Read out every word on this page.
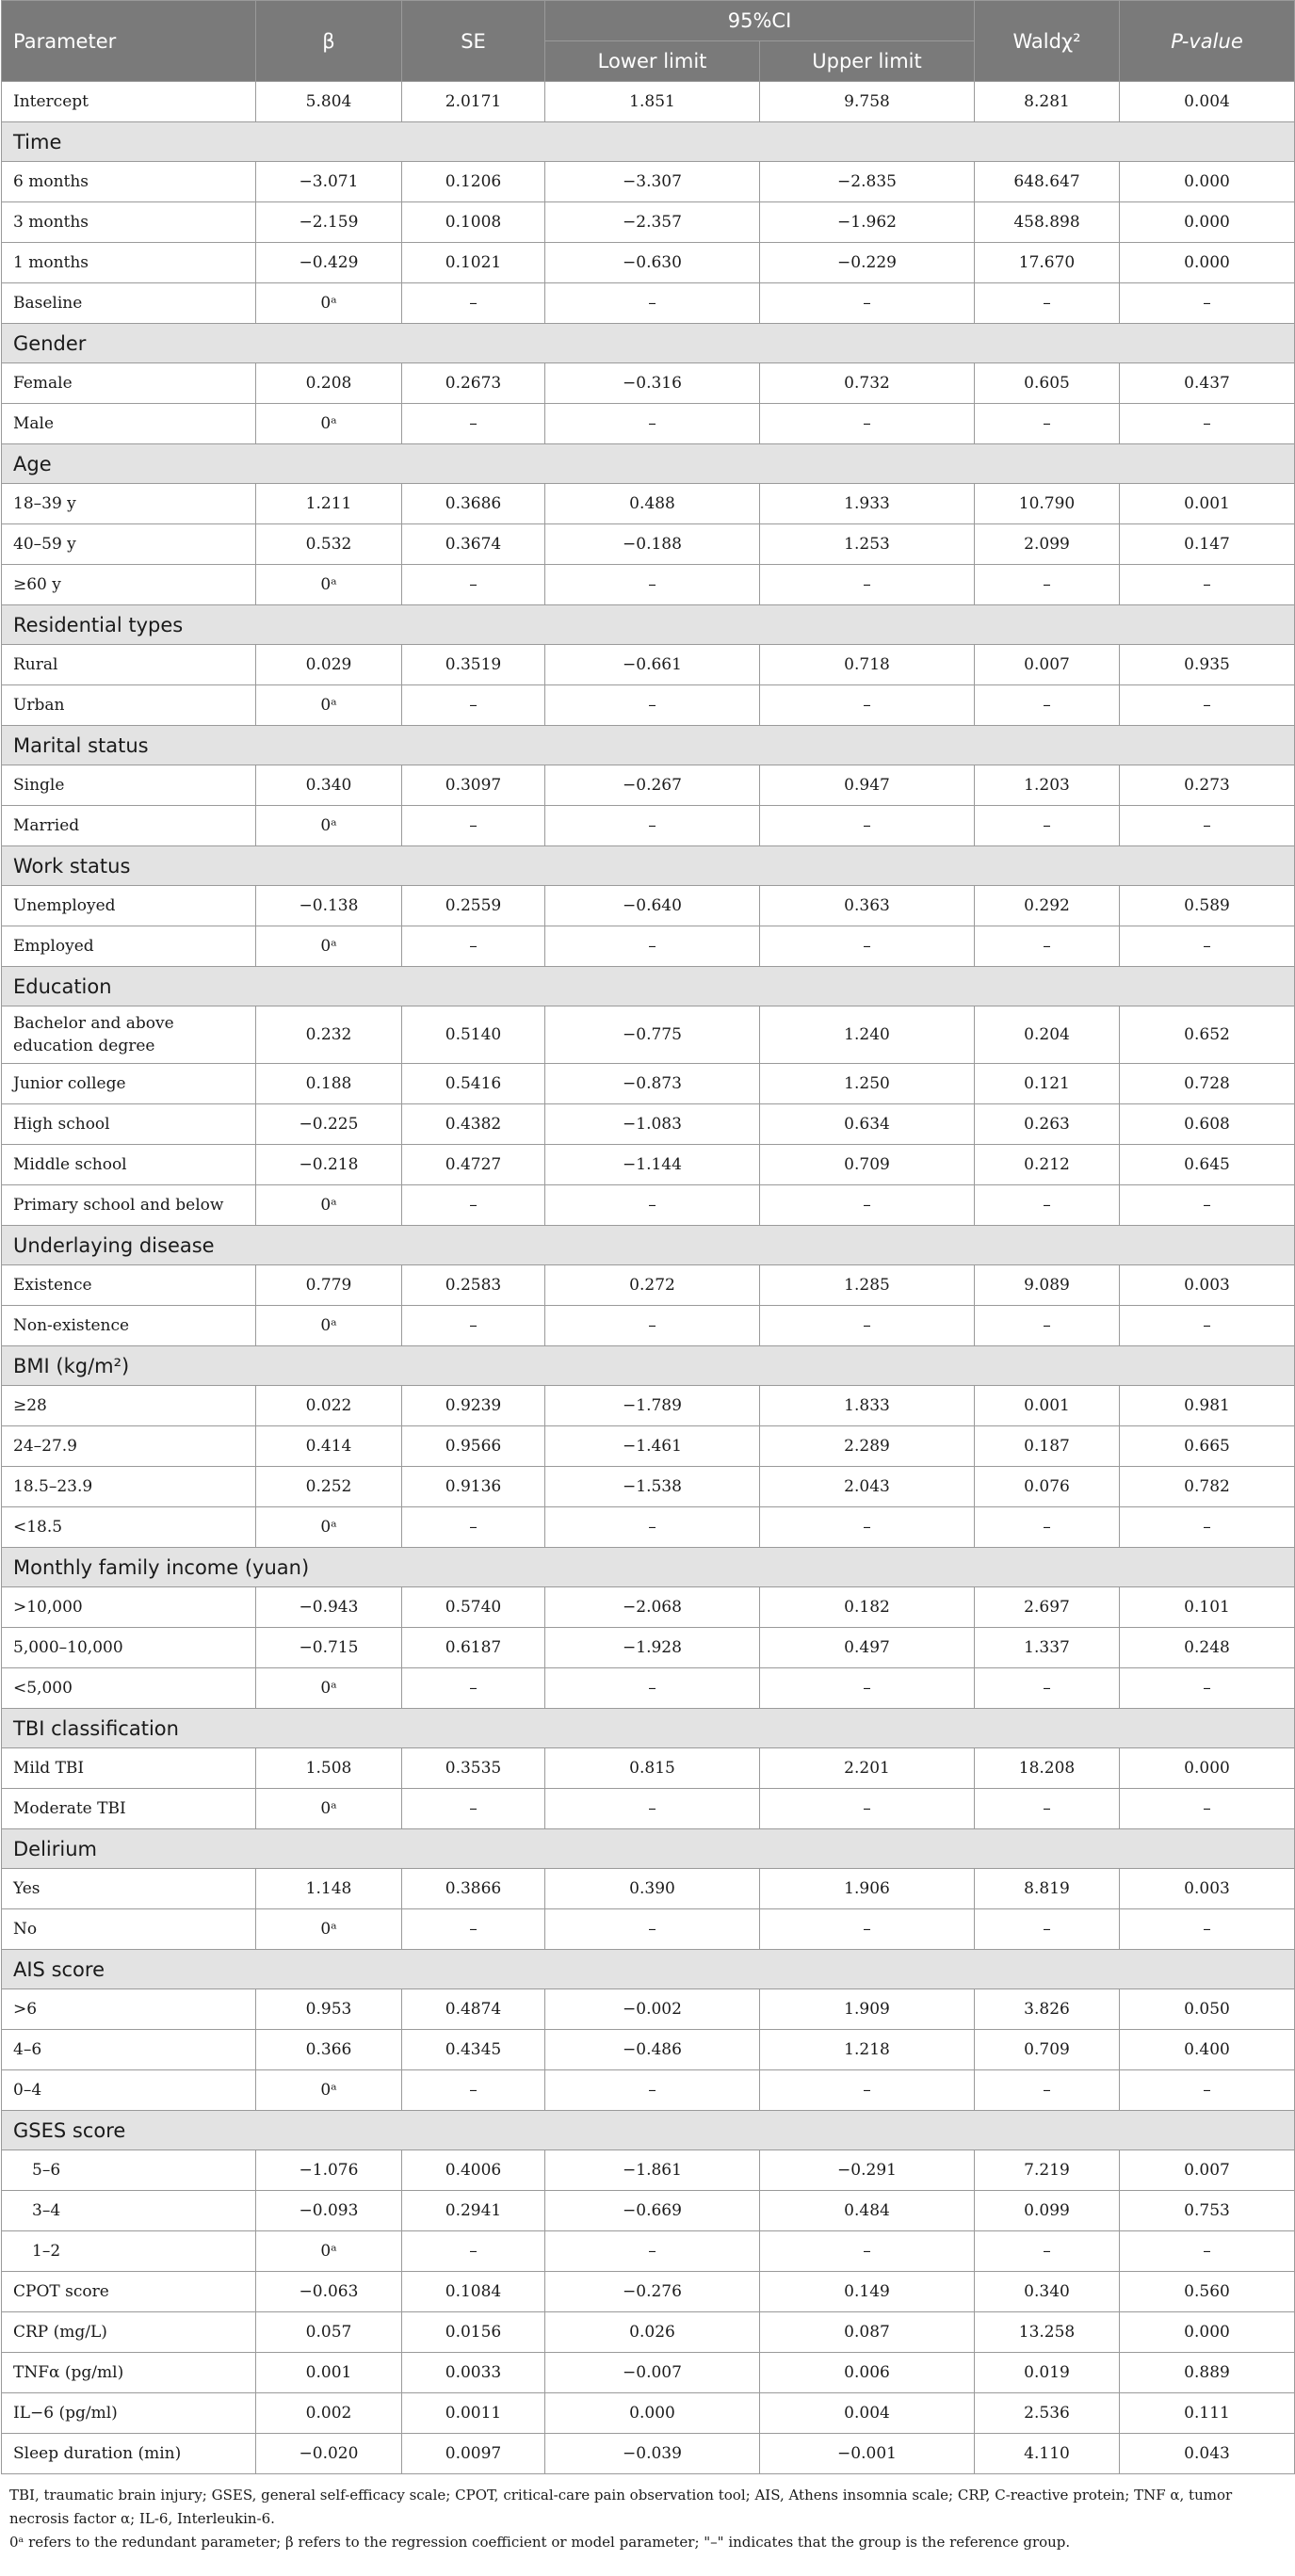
Parameter	β	SE	95%CI		Waldχ²	P-value
			Lower limit	Upper limit		
Intercept	5.804	2.0171	1.851	9.758	8.281	0.004
Time						
6 months	−3.071	0.1206	−3.307	−2.835	648.647	0.000
3 months	−2.159	0.1008	−2.357	−1.962	458.898	0.000
1 months	−0.429	0.1021	−0.630	−0.229	17.670	0.000
Baseline	0ᵃ	–	–	–	–	–
Gender						
Female	0.208	0.2673	−0.316	0.732	0.605	0.437
Male	0ᵃ	–	–	–	–	–
Age						
18–39 y	1.211	0.3686	0.488	1.933	10.790	0.001
40–59 y	0.532	0.3674	−0.188	1.253	2.099	0.147
≥60 y	0ᵃ	–	–	–	–	–
Residential types						
Rural	0.029	0.3519	−0.661	0.718	0.007	0.935
Urban	0ᵃ	–	–	–	–	–
Marital status						
Single	0.340	0.3097	−0.267	0.947	1.203	0.273
Married	0ᵃ	–	–	–	–	–
Work status						
Unemployed	−0.138	0.2559	−0.640	0.363	0.292	0.589
Employed	0ᵃ	–	–	–	–	–
Education						
Bachelor and above education degree	0.232	0.5140	−0.775	1.240	0.204	0.652
Junior college	0.188	0.5416	−0.873	1.250	0.121	0.728
High school	−0.225	0.4382	−1.083	0.634	0.263	0.608
Middle school	−0.218	0.4727	−1.144	0.709	0.212	0.645
Primary school and below	0ᵃ	–	–	–	–	–
Underlaying disease						
Existence	0.779	0.2583	0.272	1.285	9.089	0.003
Non-existence	0ᵃ	–	–	–	–	–
BMI (kg/m²)						
≥28	0.022	0.9239	−1.789	1.833	0.001	0.981
24–27.9	0.414	0.9566	−1.461	2.289	0.187	0.665
18.5–23.9	0.252	0.9136	−1.538	2.043	0.076	0.782
<18.5	0ᵃ	–	–	–	–	–
Monthly family income (yuan)						
>10,000	−0.943	0.5740	−2.068	0.182	2.697	0.101
5,000–10,000	−0.715	0.6187	−1.928	0.497	1.337	0.248
<5,000	0ᵃ	–	–	–	–	–
TBI classification						
Mild TBI	1.508	0.3535	0.815	2.201	18.208	0.000
Moderate TBI	0ᵃ	–	–	–	–	–
Delirium						
Yes	1.148	0.3866	0.390	1.906	8.819	0.003
No	0ᵃ	–	–	–	–	–
AIS score						
>6	0.953	0.4874	−0.002	1.909	3.826	0.050
4–6	0.366	0.4345	−0.486	1.218	0.709	0.400
0–4	0ᵃ	–	–	–	–	–
GSES score						
5–6	−1.076	0.4006	−1.861	−0.291	7.219	0.007
3–4	−0.093	0.2941	−0.669	0.484	0.099	0.753
1–2	0ᵃ	–	–	–	–	–
CPOT score	−0.063	0.1084	−0.276	0.149	0.340	0.560
CRP (mg/L)	0.057	0.0156	0.026	0.087	13.258	0.000
TNFα (pg/ml)	0.001	0.0033	−0.007	0.006	0.019	0.889
IL−6 (pg/ml)	0.002	0.0011	0.000	0.004	2.536	0.111
Sleep duration (min)	−0.020	0.0097	−0.039	−0.001	4.110	0.043

TBI, traumatic brain injury; GSES, general self-efficacy scale; CPOT, critical-care pain observation tool; AIS, Athens insomnia scale; CRP, C-reactive protein; TNF α, tumor necrosis factor α; IL-6, Interleukin-6.

0ᵃ refers to the redundant parameter; β refers to the regression coefficient or model parameter; "–" indicates that the group is the reference group.
